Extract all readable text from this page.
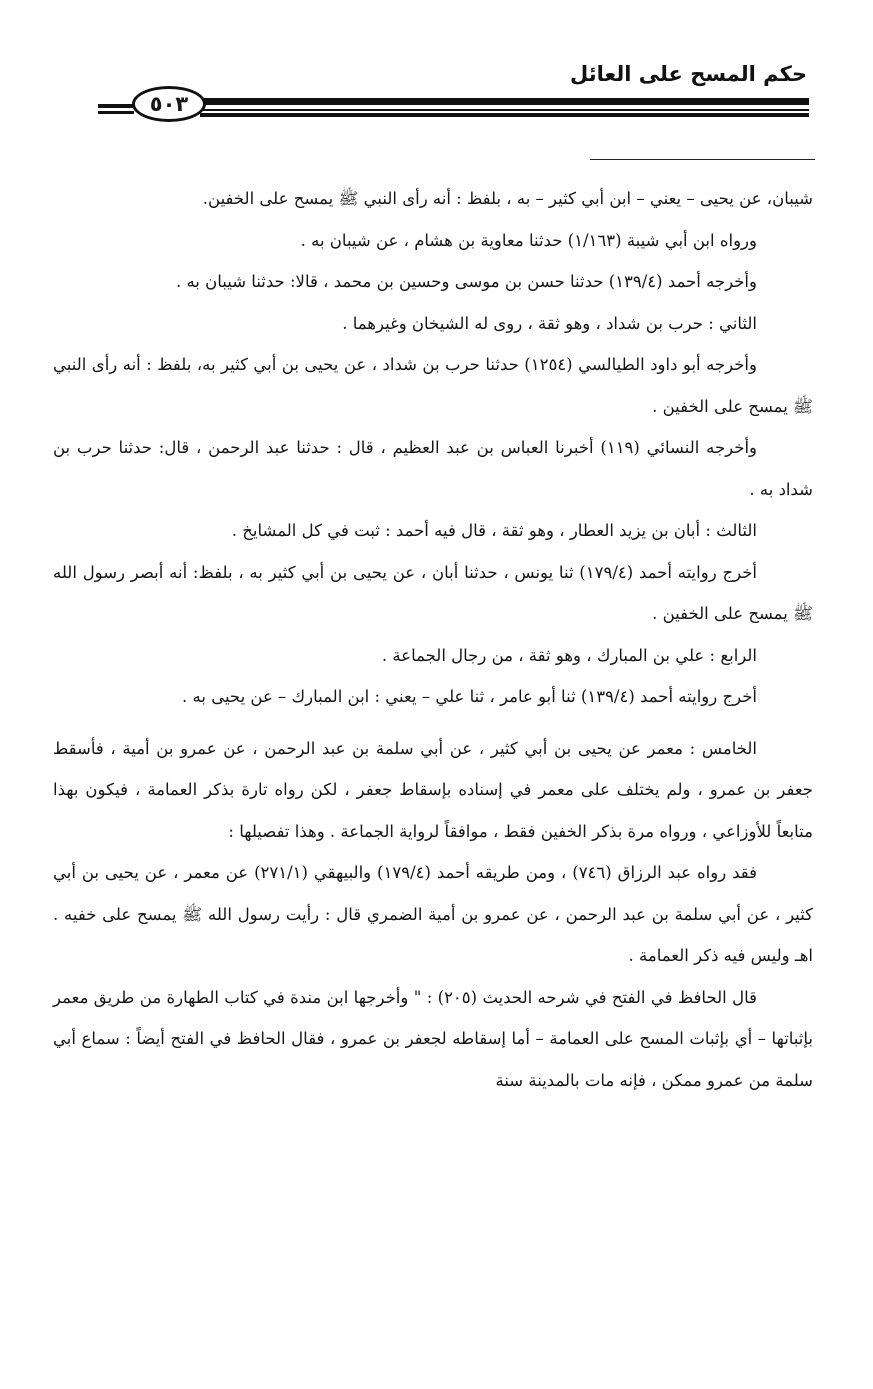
حكم المسح على العائل
٥٠٣

شيبان، عن يحيى – يعني – ابن أبي كثير – به ، بلفظ : أنه رأى النبي ﷺ يمسح على الخفين.

ورواه ابن أبي شيبة (١/١٦٣) حدثنا معاوية بن هشام ، عن شيبان به .

وأخرجه أحمد (١٣٩/٤) حدثنا حسن بن موسى وحسين بن محمد ، قالا: حدثنا شيبان به .

الثاني : حرب بن شداد ، وهو ثقة ، روى له الشيخان وغيرهما .

وأخرجه أبو داود الطيالسي (١٢٥٤) حدثنا حرب بن شداد ، عن يحيى بن أبي كثير به، بلفظ : أنه رأى النبي ﷺ يمسح على الخفين .

وأخرجه النسائي (١١٩) أخبرنا العباس بن عبد العظيم ، قال : حدثنا عبد الرحمن ، قال: حدثنا حرب بن شداد به .

الثالث : أبان بن يزيد العطار ، وهو ثقة ، قال فيه أحمد : ثبت في كل المشايخ .

أخرج روايته أحمد (١٧٩/٤) ثنا يونس ، حدثنا أبان ، عن يحيى بن أبي كثير به ، بلفظ: أنه أبصر رسول الله ﷺ يمسح على الخفين .

الرابع : علي بن المبارك ، وهو ثقة ، من رجال الجماعة .

أخرج روايته أحمد (١٣٩/٤) ثنا أبو عامر ، ثنا علي – يعني : ابن المبارك – عن يحيى به .

الخامس : معمر عن يحيى بن أبي كثير ، عن أبي سلمة بن عبد الرحمن ، عن عمرو بن أمية ، فأسقط جعفر بن عمرو ، ولم يختلف على معمر في إسناده بإسقاط جعفر ، لكن رواه تارة بذكر العمامة ، فيكون بهذا متابعاً للأوزاعي ، ورواه مرة بذكر الخفين فقط ، موافقاً لرواية الجماعة . وهذا تفصيلها :

فقد رواه عبد الرزاق (٧٤٦) ، ومن طريقه أحمد (١٧٩/٤) والبيهقي (٢٧١/١) عن معمر ، عن يحيى بن أبي كثير ، عن أبي سلمة بن عبد الرحمن ، عن عمرو بن أمية الضمري قال : رأيت رسول الله ﷺ يمسح على خفيه . اهـ وليس فيه ذكر العمامة .

قال الحافظ في الفتح في شرحه الحديث (٢٠٥) : " وأخرجها ابن مندة في كتاب الطهارة من طريق معمر بإثباتها – أي بإثبات المسح على العمامة – أما إسقاطه لجعفر بن عمرو ، فقال الحافظ في الفتح أيضاً : سماع أبي سلمة من عمرو ممكن ، فإنه مات بالمدينة سنة
